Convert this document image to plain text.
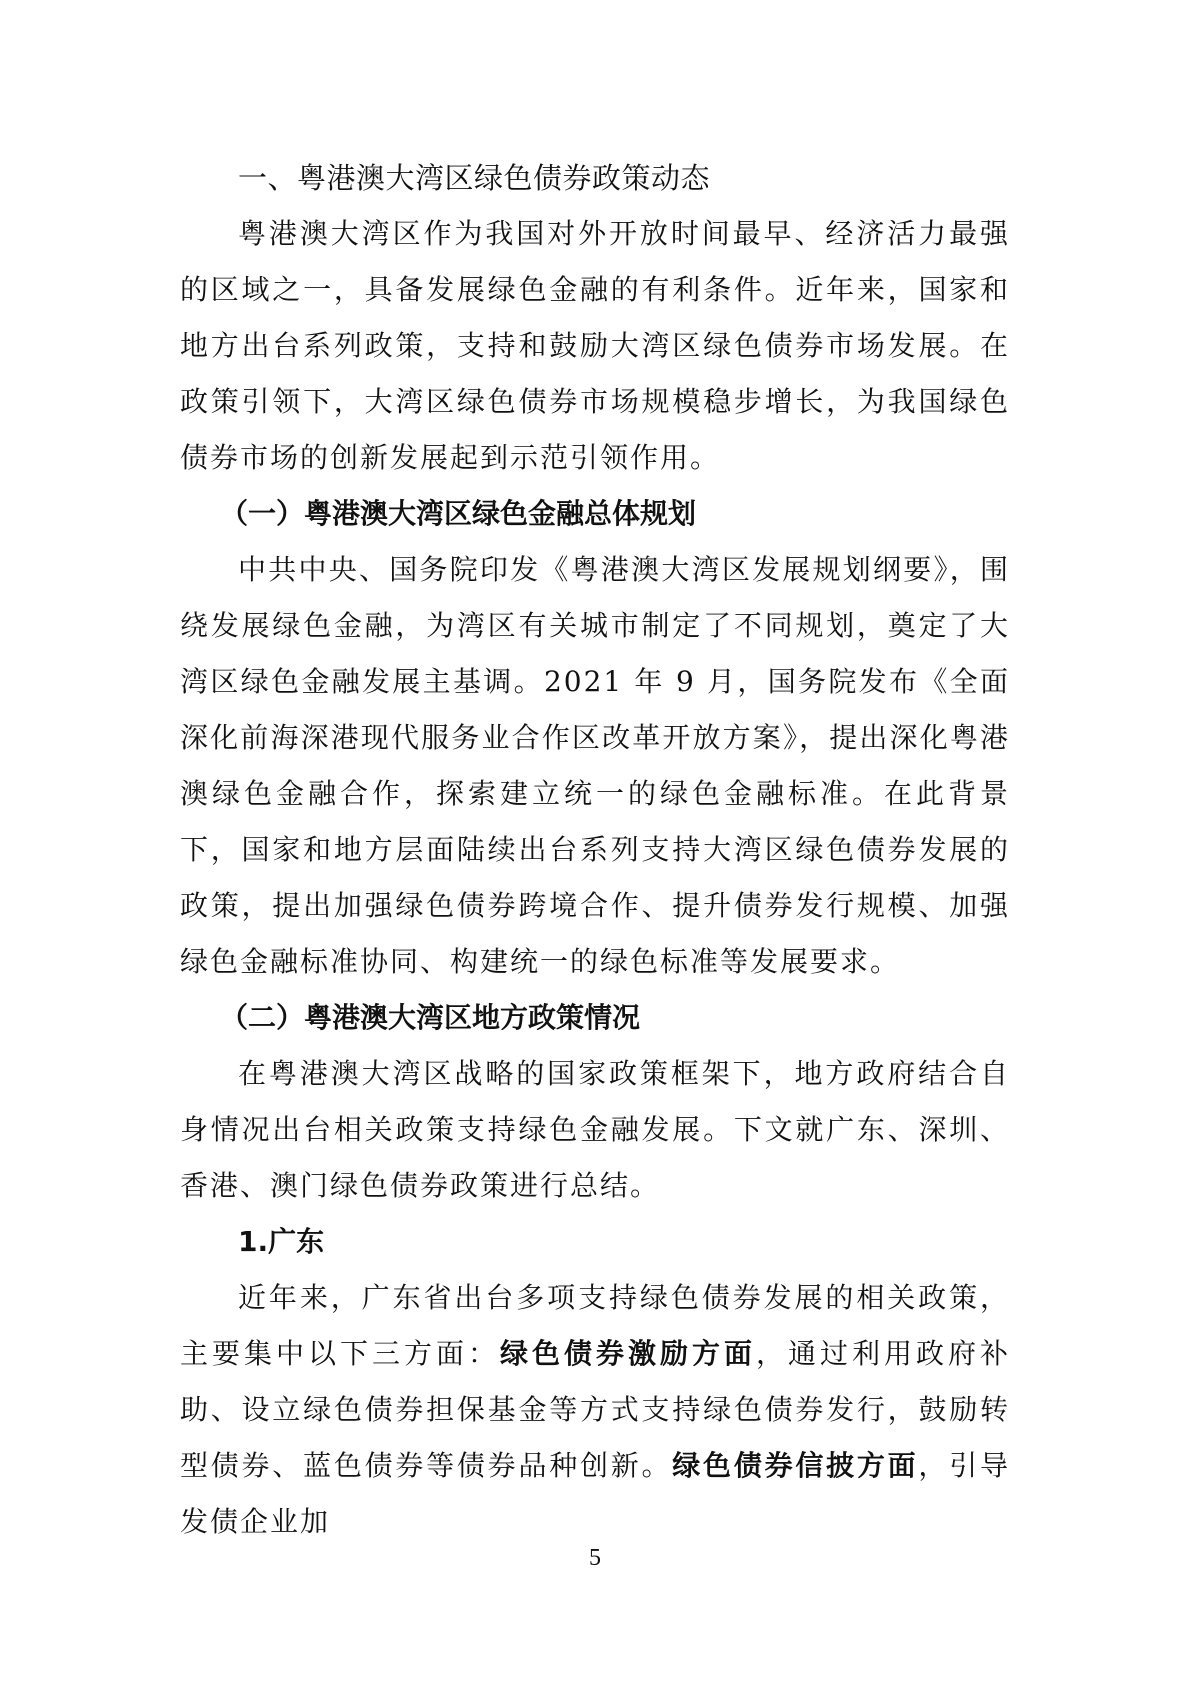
一、粤港澳大湾区绿色债券政策动态

粤港澳大湾区作为我国对外开放时间最早、经济活力最强的区域之一，具备发展绿色金融的有利条件。近年来，国家和地方出台系列政策，支持和鼓励大湾区绿色债券市场发展。在政策引领下，大湾区绿色债券市场规模稳步增长，为我国绿色债券市场的创新发展起到示范引领作用。

（一）粤港澳大湾区绿色金融总体规划

中共中央、国务院印发《粤港澳大湾区发展规划纲要》，围绕发展绿色金融，为湾区有关城市制定了不同规划，奠定了大湾区绿色金融发展主基调。2021 年 9 月，国务院发布《全面深化前海深港现代服务业合作区改革开放方案》，提出深化粤港澳绿色金融合作，探索建立统一的绿色金融标准。在此背景下，国家和地方层面陆续出台系列支持大湾区绿色债券发展的政策，提出加强绿色债券跨境合作、提升债券发行规模、加强绿色金融标准协同、构建统一的绿色标准等发展要求。

（二）粤港澳大湾区地方政策情况

在粤港澳大湾区战略的国家政策框架下，地方政府结合自身情况出台相关政策支持绿色金融发展。下文就广东、深圳、香港、澳门绿色债券政策进行总结。

1.广东

近年来，广东省出台多项支持绿色债券发展的相关政策，主要集中以下三方面：绿色债券激励方面，通过利用政府补助、设立绿色债券担保基金等方式支持绿色债券发行，鼓励转型债券、蓝色债券等债券品种创新。绿色债券信披方面，引导发债企业加

5
